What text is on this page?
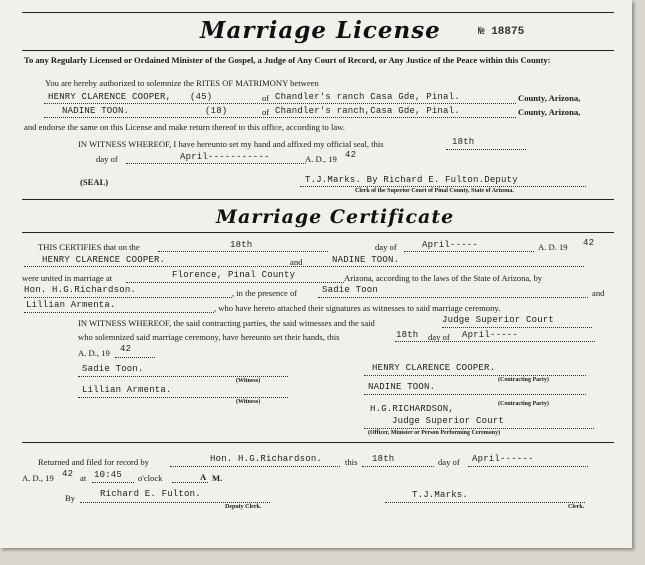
Marriage License	№ 18875
To any Regularly Licensed or Ordained Minister of the Gospel, a Judge of Any Court of Record, or Any Justice of the Peace within this County:
You are hereby authorized to solemnize the RITES OF MATRIMONY between
HENRY CLARENCE COOPER, (45)	of Chandler's ranch Casa Gde, Pinal.	County, Arizona,
NADINE TOON.	(18)	of Chandler's ranch,Casa Gde, Pinal.	County, Arizona,
and endorse the same on this License and make return thereof to this office, according to law.
IN WITNESS WHEREOF, I have hereunto set my hand and affixed my official seal, this	18th
day of	April-----------	A. D., 19 42
(SEAL)	T.J.Marks. By Richard E. Fulton.Deputy
Clerk of the Superior Court of Pinal County, State of Arizona.
Marriage Certificate
THIS CERTIFIES that on the	18th	day of	April-----	A. D. 19 42
HENRY CLARENCE COOPER.	and	NADINE TOON.
were united in marriage at	Florence, Pinal County	Arizona, according to the laws of the State of Arizona, by
Hon. H.G.Richardson.	, in the presence of	Sadie Toon	and
Lillian Armenta.	, who have hereto attached their signatures as witnesses to said marriage ceremony.
IN WITNESS WHEREOF, the said contracting parties, the said witnesses and the said	Judge Superior Court
who solemnized said marriage ceremony, have hereunto set their hands, this	18th day of April-----
A. D., 19 42
Sadie Toon.
(Witness)
Lillian Armenta.
(Witness)
HENRY CLARENCE COOPER.
(Contracting Party)
NADINE TOON.
(Contracting Party)
H.G.RICHARDSON,
Judge Superior Court
(Officer, Minister or Person Performing Ceremony)
Returned and filed for record by	Hon. H.G.Richardson.	this 18th	day of April------
A. D., 19 42 at 10:45 o'clock	A M.
By	Richard E. Fulton.
Deputy Clerk.
T.J.Marks.
Clerk.
